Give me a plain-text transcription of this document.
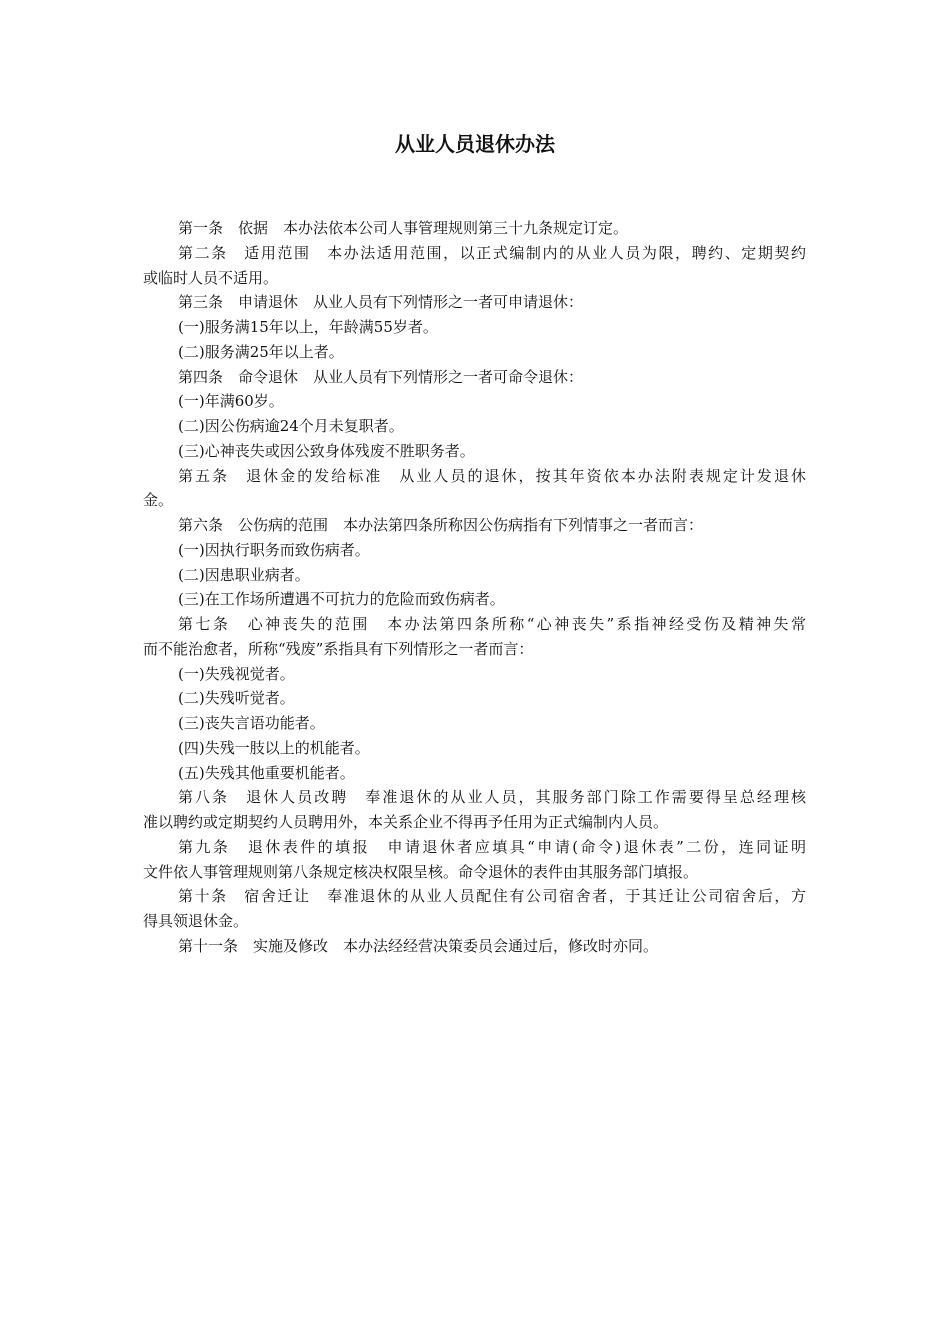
从业人员退休办法
第一条　依据　本办法依本公司人事管理规则第三十九条规定订定。
第二条　适用范围　本办法适用范围，以正式编制内的从业人员为限，聘约、定期契约
或临时人员不适用。
第三条　申请退休　从业人员有下列情形之一者可申请退休：
(一)服务满15年以上，年龄满55岁者。
(二)服务满25年以上者。
第四条　命令退休　从业人员有下列情形之一者可命令退休：
(一)年满60岁。
(二)因公伤病逾24个月未复职者。
(三)心神丧失或因公致身体残废不胜职务者。
第五条　退休金的发给标准　从业人员的退休，按其年资依本办法附表规定计发退休
金。
第六条　公伤病的范围　本办法第四条所称因公伤病指有下列情事之一者而言：
(一)因执行职务而致伤病者。
(二)因患职业病者。
(三)在工作场所遭遇不可抗力的危险而致伤病者。
第七条　心神丧失的范围　本办法第四条所称“心神丧失”系指神经受伤及精神失常
而不能治愈者，所称“残废”系指具有下列情形之一者而言：
(一)失残视觉者。
(二)失残听觉者。
(三)丧失言语功能者。
(四)失残一肢以上的机能者。
(五)失残其他重要机能者。
第八条　退休人员改聘　奉准退休的从业人员，其服务部门除工作需要得呈总经理核
准以聘约或定期契约人员聘用外，本关系企业不得再予任用为正式编制内人员。
第九条　退休表件的填报　申请退休者应填具“申请(命令)退休表”二份，连同证明
文件依人事管理规则第八条规定核决权限呈核。命令退休的表件由其服务部门填报。
第十条　宿舍迁让　奉准退休的从业人员配住有公司宿舍者，于其迁让公司宿舍后，方
得具领退休金。
第十一条　实施及修改　本办法经经营决策委员会通过后，修改时亦同。
